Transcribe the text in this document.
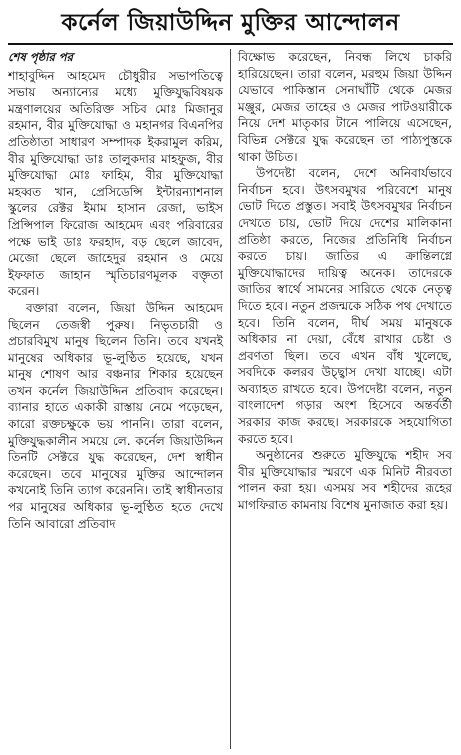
কর্নেল জিয়াউদ্দিন মুক্তির আন্দোলন
শেষ পৃষ্ঠার পর

শাহাবুদ্দিন আহমেদ চৌধুরীর সভাপতিত্বে সভায় অন্যান্যের মধ্যে মুক্তিযুদ্ধবিষয়ক মন্ত্রণালয়ের অতিরিক্ত সচিব মোঃ মিজানুর রহমান, বীর মুক্তিযোদ্ধা ও মহানগর বিএনপির প্রতিষ্ঠাতা সাধারণ সম্পাদক ইকরামুল করিম, বীর মুক্তিযোদ্ধা ডাঃ তালুকদার মাহফুজ, বীর মুক্তিযোদ্ধা মোঃ ফাহিম, বীর মুক্তিযোদ্ধা মহব্বত খান, প্রেসিডেন্সি ইন্টারন্যাশনাল স্কুলের রেক্টর ইমাম হাসান রেজা, ভাইস প্রিন্সিপাল ফিরোজ আহমেদ এবং পরিবারের পক্ষে ভাই ডাঃ ফরহাদ, বড় ছেলে জাবেদ, মেজো ছেলে জাহেদুর রহমান ও মেয়ে ইফফাত জাহান স্মৃতিচারণমূলক বক্তৃতা করেন।

বক্তারা বলেন, জিয়া উদ্দিন আহমেদ ছিলেন তেজস্বী পুরুষ। নিভৃতচারী ও প্রচারবিমুখ মানুষ ছিলেন তিনি। তবে যখনই মানুষের অধিকার ভূ-লুণ্ঠিত হয়েছে, যখন মানুষ শোষণ আর বঞ্চনার শিকার হয়েছেন তখন কর্নেল জিয়াউদ্দিন প্রতিবাদ করেছেন। ব্যানার হাতে একাকী রাস্তায় নেমে পড়েছেন, কারো রক্তচক্ষুকে ভয় পাননি। তারা বলেন, মুক্তিযুদ্ধকালীন সময়ে লে. কর্নেল জিয়াউদ্দিন তিনটি সেক্টরে যুদ্ধ করেছেন, দেশ স্বাধীন করেছেন। তবে মানুষের মুক্তির আন্দোলন কখনোই তিনি ত্যাগ করেননি। তাই স্বাধীনতার পর মানুষের অধিকার ভূ-লুণ্ঠিত হতে দেখে তিনি আবারো প্রতিবাদ

বিক্ষোভ করেছেন, নিবন্ধ লিখে চাকরি হারিয়েছেন। তারা বলেন, মরহুম জিয়া উদ্দিন যেভাবে পাকিস্তান সেনাঘাঁটি থেকে মেজর মঞ্জুর, মেজর তাহের ও মেজর পাটওয়ারীকে নিয়ে দেশ মাতৃকার টানে পালিয়ে এসেছেন, বিভিন্ন সেক্টরে যুদ্ধ করেছেন তা পাঠ্যপুস্তকে থাকা উচিত।

উপদেষ্টা বলেন, দেশে অনিবার্যভাবে নির্বাচন হবে। উৎসবমুখর পরিবেশে মানুষ ভোট দিতে প্রস্তুত। সবাই উৎসবমুখর নির্বাচন দেখতে চায়, ভোট দিয়ে দেশের মালিকানা প্রতিষ্ঠা করতে, নিজের প্রতিনিধি নির্বাচন করতে চায়। জাতির এ ক্রান্তিলগ্নে মুক্তিযোদ্ধাদের দায়িত্ব অনেক। তাদেরকে জাতির স্বার্থে সামনের সারিতে থেকে নেতৃত্ব দিতে হবে। নতুন প্রজন্মকে সঠিক পথ দেখাতে হবে। তিনি বলেন, দীর্ঘ সময় মানুষকে অধিকার না দেয়া, বেঁধে রাখার চেষ্টা ও প্রবণতা ছিল। তবে এখন বাঁধ খুলেছে, সবদিকে কলরব উচ্ছ্বাস দেখা যাচ্ছে। এটা অব্যাহত রাখতে হবে। উপদেষ্টা বলেন, নতুন বাংলাদেশ গড়ার অংশ হিসেবে অন্তর্বর্তী সরকার কাজ করছে। সরকারকে সহযোগিতা করতে হবে।

অনুষ্ঠানের শুরুতে মুক্তিযুদ্ধে শহীদ সব বীর মুক্তিযোদ্ধার স্মরণে এক মিনিট নীরবতা পালন করা হয়। এসময় সব শহীদের রূহের মাগফিরাত কামনায় বিশেষ মুনাজাত করা হয়।
